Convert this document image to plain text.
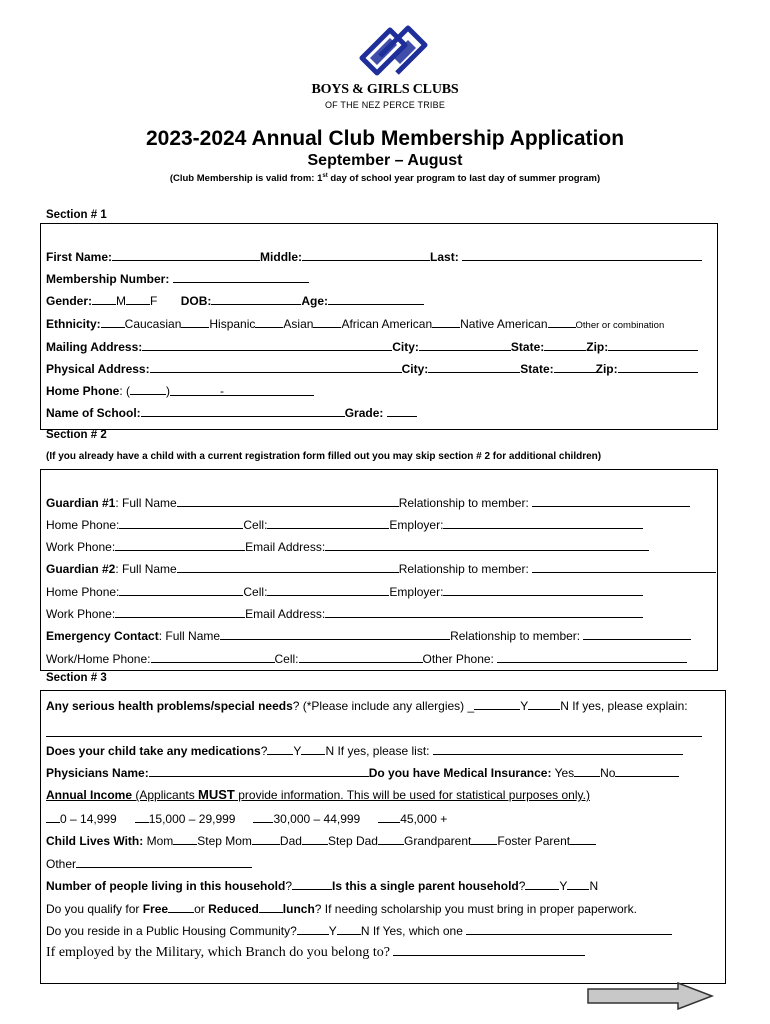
BOYS & GIRLS CLUBS
OF THE NEZ PERCE TRIBE
2023-2024 Annual Club Membership Application
September – August
(Club Membership is valid from: 1st day of school year program to last day of summer program)
Section # 1
First Name:	Middle:	Last:
Membership Number:
Gender: M F DOB:	Age:
Ethnicity: Caucasian Hispanic Asian African American Native American	Other or combination
Mailing Address:	City:	State:	Zip:
Physical Address:	City:	State:	Zip:
Home Phone: (	)	-
Name of School:	Grade:
Section # 2
(If you already have a child with a current registration form filled out you may skip section # 2 for additional children)
Guardian #1: Full Name	Relationship to member:
Home Phone:	Cell:	Employer:
Work Phone:	Email Address:
Guardian #2: Full Name	Relationship to member:
Home Phone:	Cell:	Employer:
Work Phone:	Email Address:
Emergency Contact: Full Name	Relationship to member:
Work/Home Phone:	Cell:	Other Phone:
Section # 3
Any serious health problems/special needs? (*Please include any allergies) _	Y	N If yes, please explain:
Does your child take any medications? Y N If yes, please list:
Physicians Name:	Do you have Medical Insurance: Yes No
Annual Income (Applicants MUST provide information. This will be used for statistical purposes only.)
0 – 14,999	15,000 – 29,999	30,000 – 44,999	45,000 +
Child Lives With: Mom Step Mom Dad Step Dad Grandparent Foster Parent
Other
Number of people living in this household?	Is this a single parent household?	Y N
Do you qualify for Free or Reduced lunch? If needing scholarship you must bring in proper paperwork.
Do you reside in a Public Housing Community?	Y N If Yes, which one
If employed by the Military, which Branch do you belong to?
